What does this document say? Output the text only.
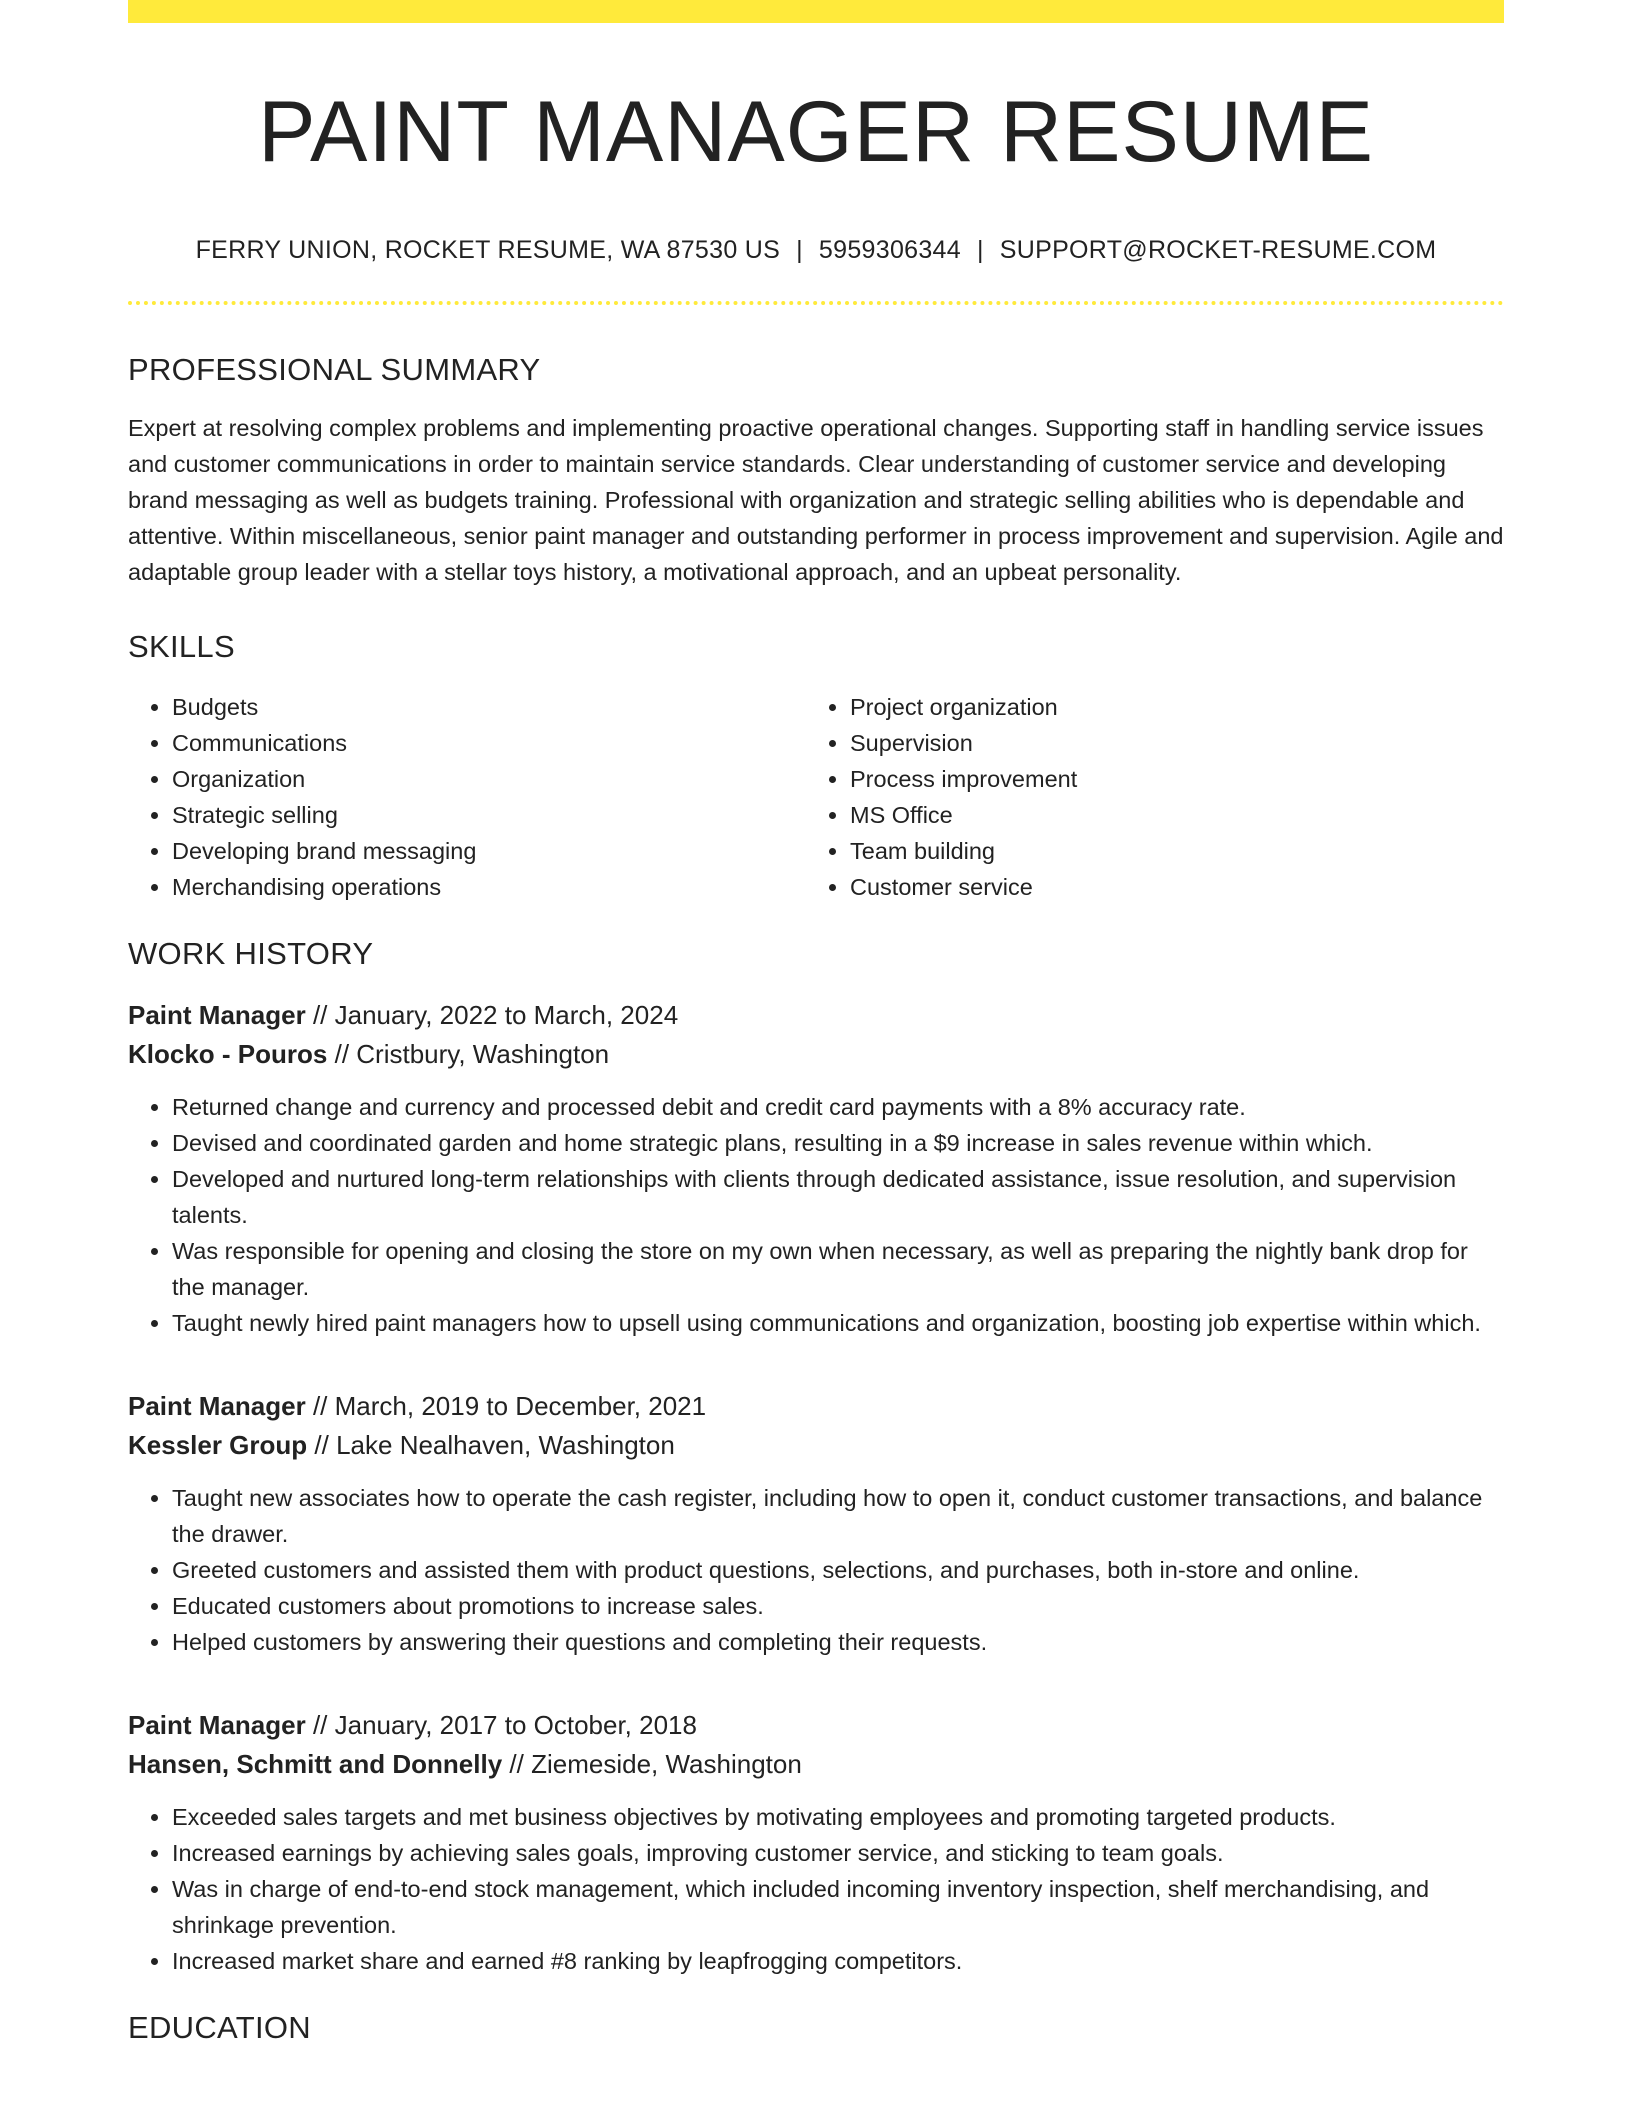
PAINT MANAGER RESUME
FERRY UNION, ROCKET RESUME, WA 87530 US | 5959306344 | SUPPORT@ROCKET-RESUME.COM
PROFESSIONAL SUMMARY

Expert at resolving complex problems and implementing proactive operational changes. Supporting staff in handling service issues and customer communications in order to maintain service standards. Clear understanding of customer service and developing brand messaging as well as budgets training. Professional with organization and strategic selling abilities who is dependable and attentive. Within miscellaneous, senior paint manager and outstanding performer in process improvement and supervision. Agile and adaptable group leader with a stellar toys history, a motivational approach, and an upbeat personality.

SKILLS
• Budgets
• Communications
• Organization
• Strategic selling
• Developing brand messaging
• Merchandising operations
• Project organization
• Supervision
• Process improvement
• MS Office
• Team building
• Customer service
WORK HISTORY
Paint Manager // January, 2022 to March, 2024
Klocko - Pouros // Cristbury, Washington
• Returned change and currency and processed debit and credit card payments with a 8% accuracy rate.
• Devised and coordinated garden and home strategic plans, resulting in a $9 increase in sales revenue within which.
• Developed and nurtured long-term relationships with clients through dedicated assistance, issue resolution, and supervision talents.
• Was responsible for opening and closing the store on my own when necessary, as well as preparing the nightly bank drop for the manager.
• Taught newly hired paint managers how to upsell using communications and organization, boosting job expertise within which.
Paint Manager // March, 2019 to December, 2021
Kessler Group // Lake Nealhaven, Washington
• Taught new associates how to operate the cash register, including how to open it, conduct customer transactions, and balance the drawer.
• Greeted customers and assisted them with product questions, selections, and purchases, both in-store and online.
• Educated customers about promotions to increase sales.
• Helped customers by answering their questions and completing their requests.
Paint Manager // January, 2017 to October, 2018
Hansen, Schmitt and Donnelly // Ziemeside, Washington
• Exceeded sales targets and met business objectives by motivating employees and promoting targeted products.
• Increased earnings by achieving sales goals, improving customer service, and sticking to team goals.
• Was in charge of end-to-end stock management, which included incoming inventory inspection, shelf merchandising, and shrinkage prevention.
• Increased market share and earned #8 ranking by leapfrogging competitors.
EDUCATION
